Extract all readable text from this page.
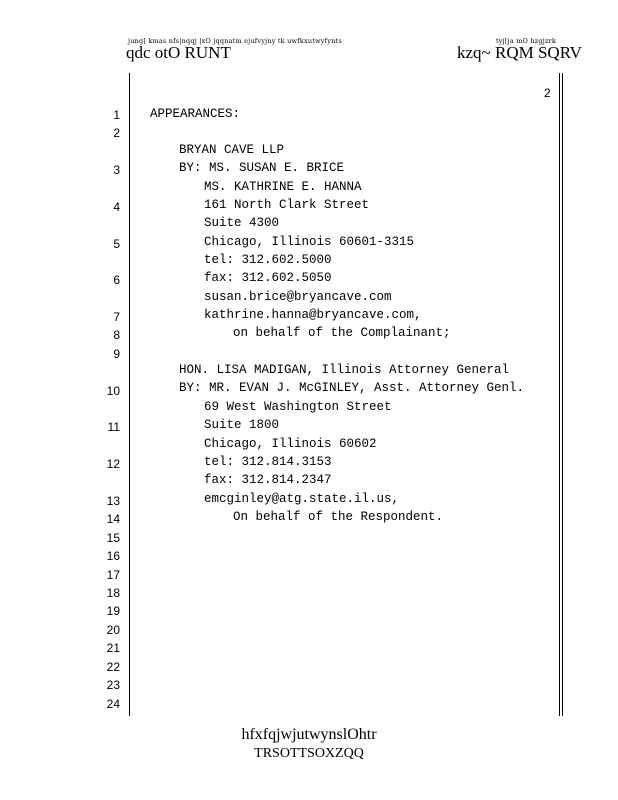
jung[ kmas nfs|nqqj |xO jqqnatm ejufvyjny tk uwfkxutwyfynts	tyj[ja mO hzgjzrk
qdc otO RUNT	kzq~ RQM SQRV
2
1
2
3
4
5
6
7
8
9
10
11
12
13
14
15
16
17
18
19
20
21
22
23
24
APPEARANCES:
BRYAN CAVE LLP
BY: MS. SUSAN E. BRICE
MS. KATHRINE E. HANNA
161 North Clark Street
Suite 4300
Chicago, Illinois 60601-3315
tel: 312.602.5000
fax: 312.602.5050
susan.brice@bryancave.com
kathrine.hanna@bryancave.com,
on behalf of the Complainant;
HON. LISA MADIGAN, Illinois Attorney General
BY: MR. EVAN J. McGINLEY, Asst. Attorney Genl.
69 West Washington Street
Suite 1800
Chicago, Illinois 60602
tel: 312.814.3153
fax: 312.814.2347
emcginley@atg.state.il.us,
On behalf of the Respondent.
hfxfqjwjutwynslOhtr
TRSOTTSOXZQQ
